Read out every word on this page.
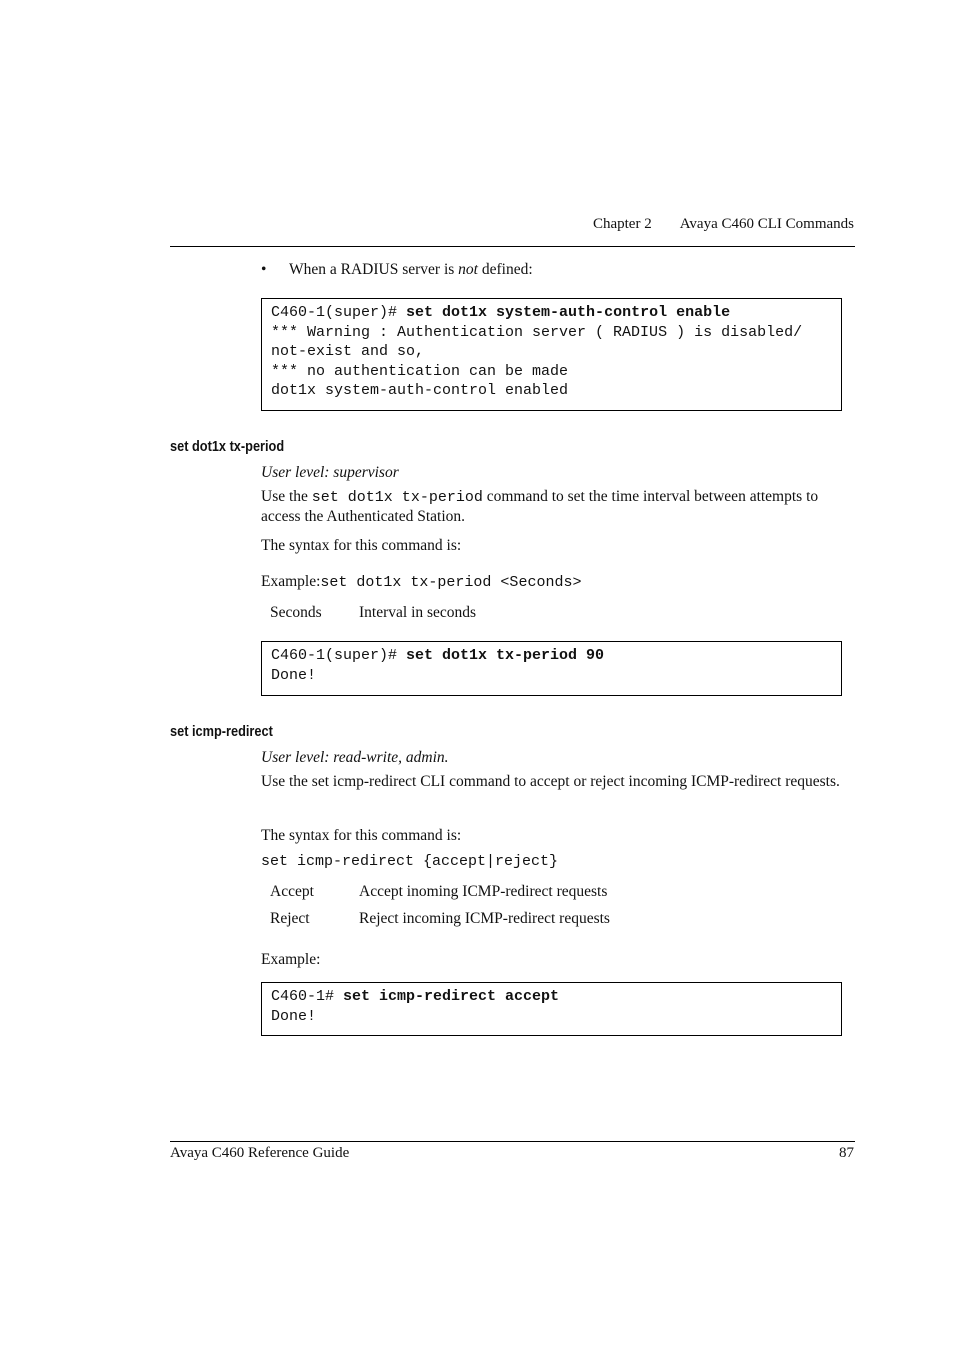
Chapter 2 Avaya C460 CLI Commands
• When a RADIUS server is not defined:
C460-1(super)# set dot1x system-auth-control enable
*** Warning : Authentication server ( RADIUS ) is disabled/
not-exist and so,
*** no authentication can be made
dot1x system-auth-control enabled
set dot1x tx-period
User level: supervisor
Use the set dot1x tx-period command to set the time interval between attempts to access the Authenticated Station.
The syntax for this command is:
Example:set dot1x tx-period <Seconds>
Seconds Interval in seconds
C460-1(super)# set dot1x tx-period 90
Done!
set icmp-redirect
User level: read-write, admin.
Use the set icmp-redirect CLI command to accept or reject incoming ICMP-redirect requests.
The syntax for this command is:
set icmp-redirect {accept|reject}
Accept	Accept inoming ICMP-redirect requests
Reject	Reject incoming ICMP-redirect requests
Example:
C460-1# set icmp-redirect accept
Done!
Avaya C460 Reference Guide	87
